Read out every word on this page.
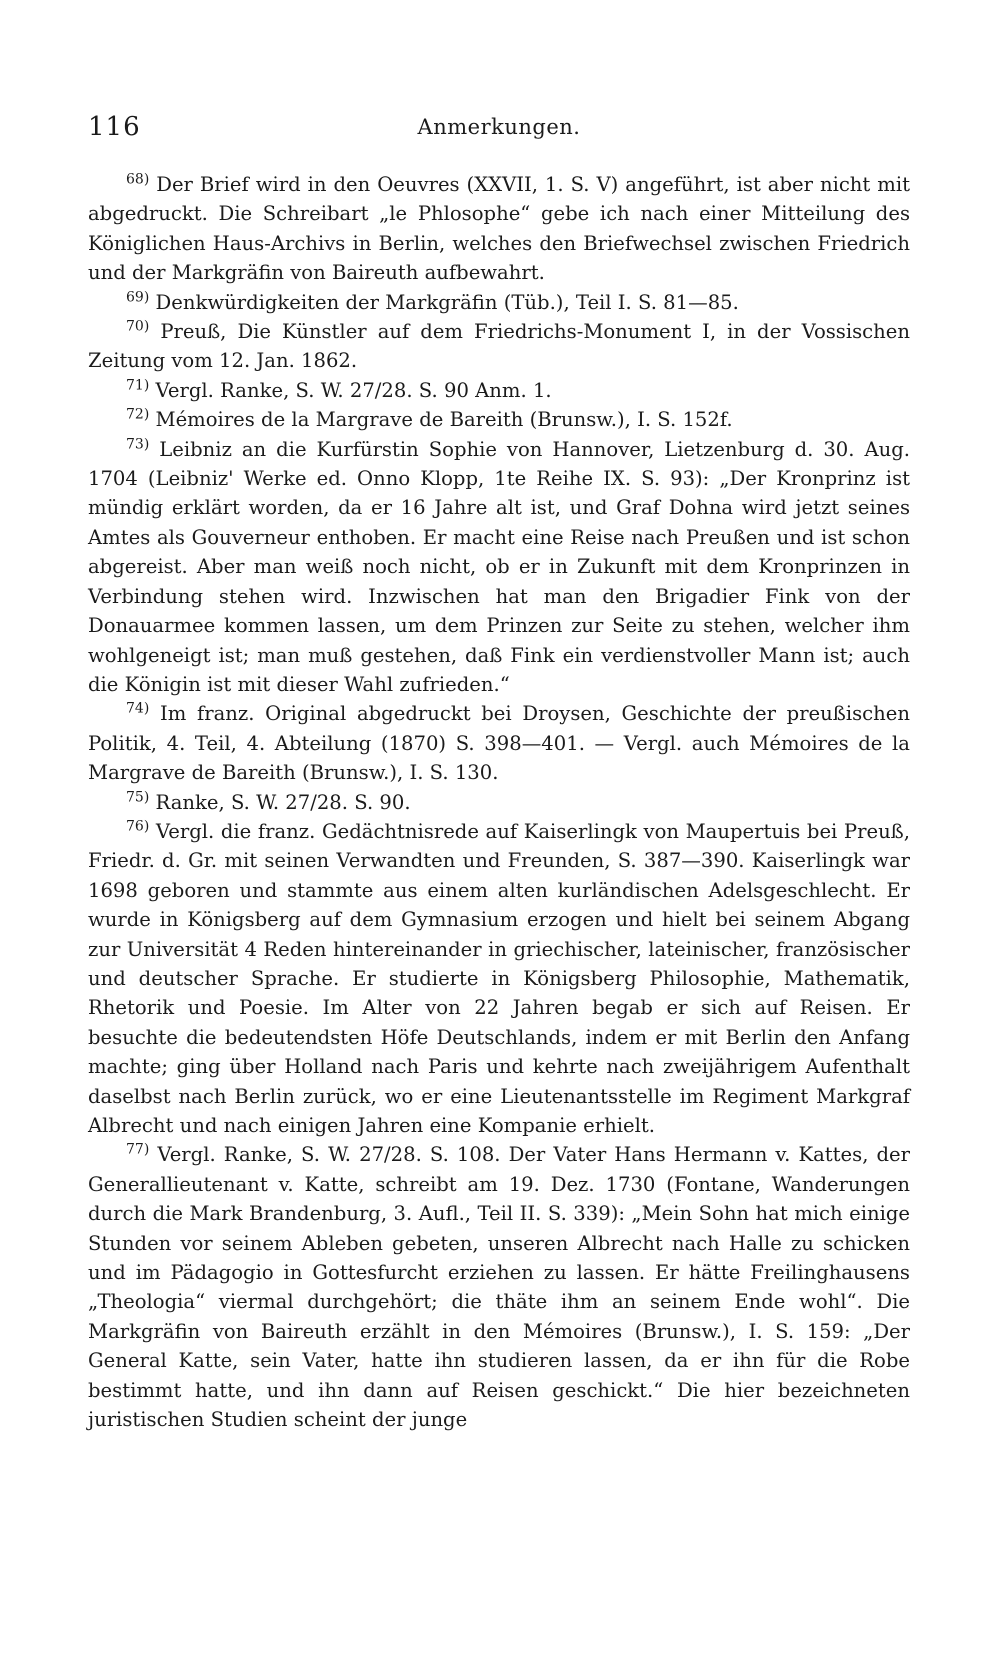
116	Anmerkungen.

$^{68)}$ Der Brief wird in den Oeuvres (XXVII, 1. S. V) angeführt, ist aber nicht mit abgedruckt. Die Schreibart „le Phlosophe“ gebe ich nach einer Mitteilung des Königlichen Haus-Archivs in Berlin, welches den Briefwechsel zwischen Friedrich und der Markgräfin von Baireuth aufbewahrt.

$^{69)}$ Denkwürdigkeiten der Markgräfin (Tüb.), Teil I. S. 81—85.

$^{70)}$ Preuß, Die Künstler auf dem Friedrichs-Monument I, in der Vossischen Zeitung vom 12. Jan. 1862.

$^{71)}$ Vergl. Ranke, S. W. 27/28. S. 90 Anm. 1.

$^{72)}$ Mémoires de la Margrave de Bareith (Brunsw.), I. S. 152f.

$^{73)}$ Leibniz an die Kurfürstin Sophie von Hannover, Lietzenburg d. 30. Aug. 1704 (Leibniz' Werke ed. Onno Klopp, 1te Reihe IX. S. 93): „Der Kronprinz ist mündig erklärt worden, da er 16 Jahre alt ist, und Graf Dohna wird jetzt seines Amtes als Gouverneur enthoben. Er macht eine Reise nach Preußen und ist schon abgereist. Aber man weiß noch nicht, ob er in Zukunft mit dem Kronprinzen in Verbindung stehen wird. Inzwischen hat man den Brigadier Fink von der Donauarmee kommen lassen, um dem Prinzen zur Seite zu stehen, welcher ihm wohlgeneigt ist; man muß gestehen, daß Fink ein verdienstvoller Mann ist; auch die Königin ist mit dieser Wahl zufrieden.“

$^{74)}$ Im franz. Original abgedruckt bei Droysen, Geschichte der preußischen Politik, 4. Teil, 4. Abteilung (1870) S. 398—401. — Vergl. auch Mémoires de la Margrave de Bareith (Brunsw.), I. S. 130.

$^{75)}$ Ranke, S. W. 27/28. S. 90.

$^{76)}$ Vergl. die franz. Gedächtnisrede auf Kaiserlingk von Maupertuis bei Preuß, Friedr. d. Gr. mit seinen Verwandten und Freunden, S. 387—390. Kaiserlingk war 1698 geboren und stammte aus einem alten kurländischen Adelsgeschlecht. Er wurde in Königsberg auf dem Gymnasium erzogen und hielt bei seinem Abgang zur Universität 4 Reden hintereinander in griechischer, lateinischer, französischer und deutscher Sprache. Er studierte in Königsberg Philosophie, Mathematik, Rhetorik und Poesie. Im Alter von 22 Jahren begab er sich auf Reisen. Er besuchte die bedeutendsten Höfe Deutschlands, indem er mit Berlin den Anfang machte; ging über Holland nach Paris und kehrte nach zweijährigem Aufenthalt daselbst nach Berlin zurück, wo er eine Lieutenantsstelle im Regiment Markgraf Albrecht und nach einigen Jahren eine Kompanie erhielt.

$^{77)}$ Vergl. Ranke, S. W. 27/28. S. 108. Der Vater Hans Hermann v. Kattes, der Generallieutenant v. Katte, schreibt am 19. Dez. 1730 (Fontane, Wanderungen durch die Mark Brandenburg, 3. Aufl., Teil II. S. 339): „Mein Sohn hat mich einige Stunden vor seinem Ableben gebeten, unseren Albrecht nach Halle zu schicken und im Pädagogio in Gottesfurcht erziehen zu lassen. Er hätte Freilinghausens „Theologia“ viermal durchgehört; die thäte ihm an seinem Ende wohl“. Die Markgräfin von Baireuth erzählt in den Mémoires (Brunsw.), I. S. 159: „Der General Katte, sein Vater, hatte ihn studieren lassen, da er ihn für die Robe bestimmt hatte, und ihn dann auf Reisen geschickt.“ Die hier bezeichneten juristischen Studien scheint der junge
